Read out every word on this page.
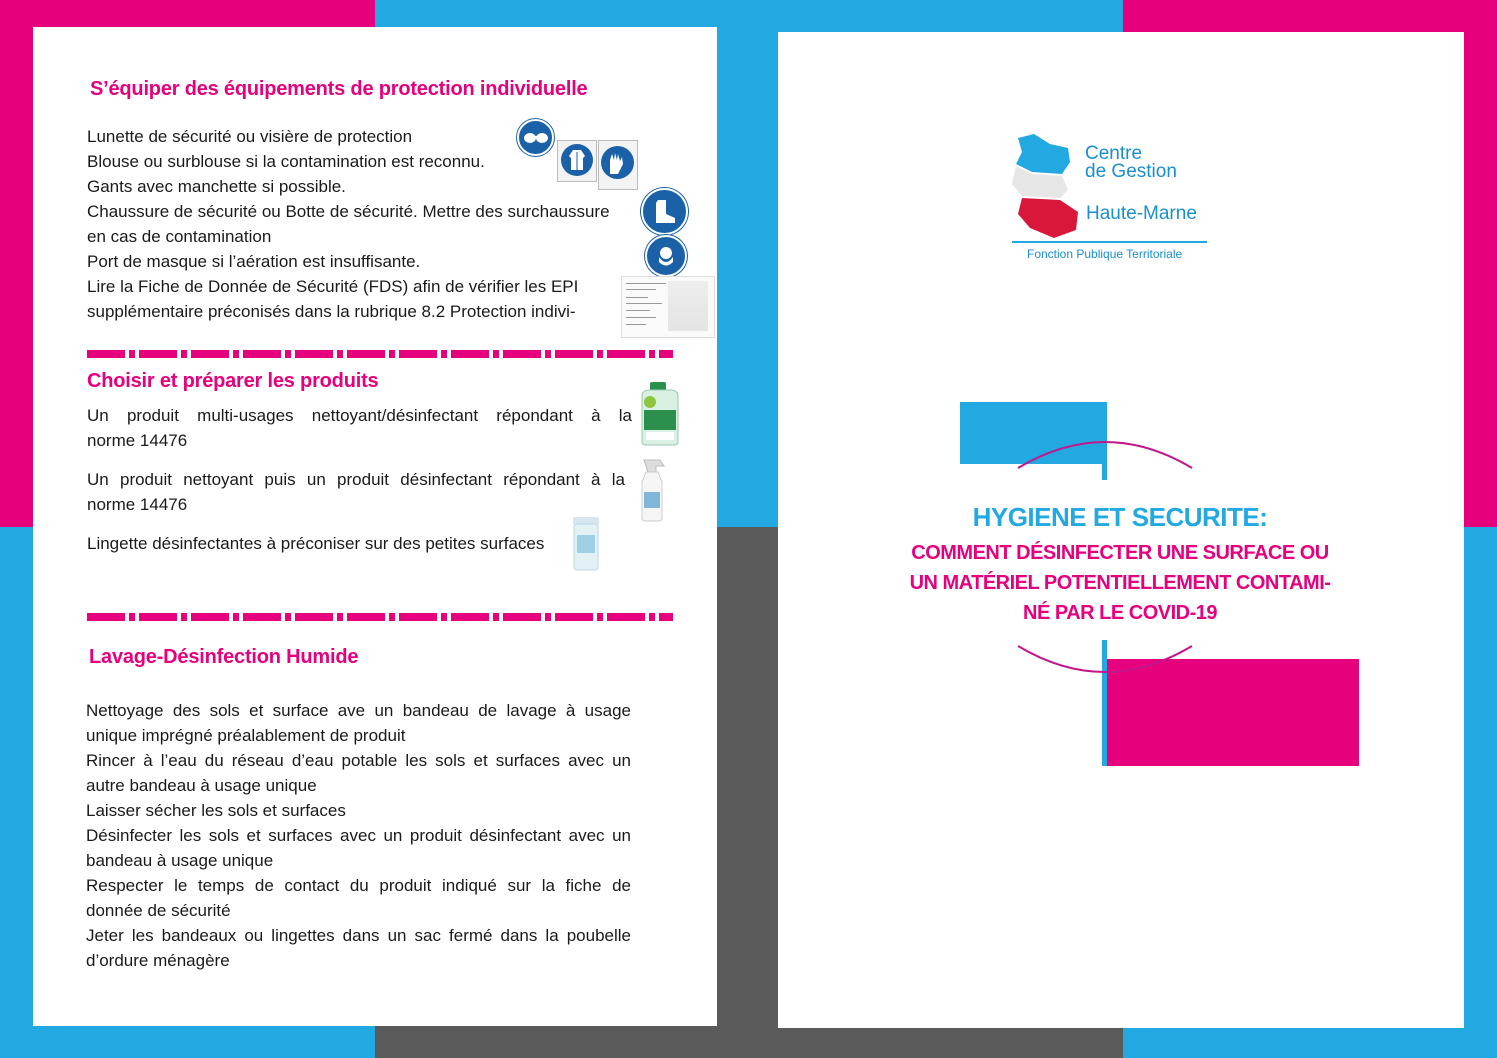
S’équiper des équipements de protection individuelle
Lunette de sécurité ou visière de protection
Blouse ou surblouse si la contamination est reconnu.
Gants avec manchette si possible.
Chaussure de sécurité ou Botte de sécurité. Mettre des surchaussure
en cas de contamination
Port de masque si l’aération est insuffisante.
Lire la Fiche de Donnée de Sécurité (FDS) afin de vérifier les EPI
supplémentaire préconisés dans la rubrique 8.2 Protection indivi-
Choisir et préparer les produits
Un produit multi-usages nettoyant/désinfectant répondant à la
norme 14476
Un produit nettoyant puis un produit désinfectant répondant à la
norme 14476
Lingette désinfectantes à préconiser sur des petites surfaces
Lavage-Désinfection Humide
Nettoyage des sols et surface ave un bandeau de lavage à usage
unique imprégné préalablement de produit
Rincer à l’eau du réseau d’eau potable les sols et surfaces avec un
autre bandeau à usage unique
Laisser sécher les sols et surfaces
Désinfecter les sols et surfaces avec un produit désinfectant avec un
bandeau à usage unique
Respecter le temps de contact du produit indiqué sur la fiche de
donnée de sécurité
Jeter les bandeaux ou lingettes dans un sac fermé dans la poubelle
d’ordure ménagère
Centre
de Gestion
Haute-Marne
Fonction Publique Territoriale
HYGIENE ET SECURITE:
COMMENT DÉSINFECTER UNE SURFACE OU
UN MATÉRIEL POTENTIELLEMENT CONTAMI-
NÉ PAR LE COVID-19
